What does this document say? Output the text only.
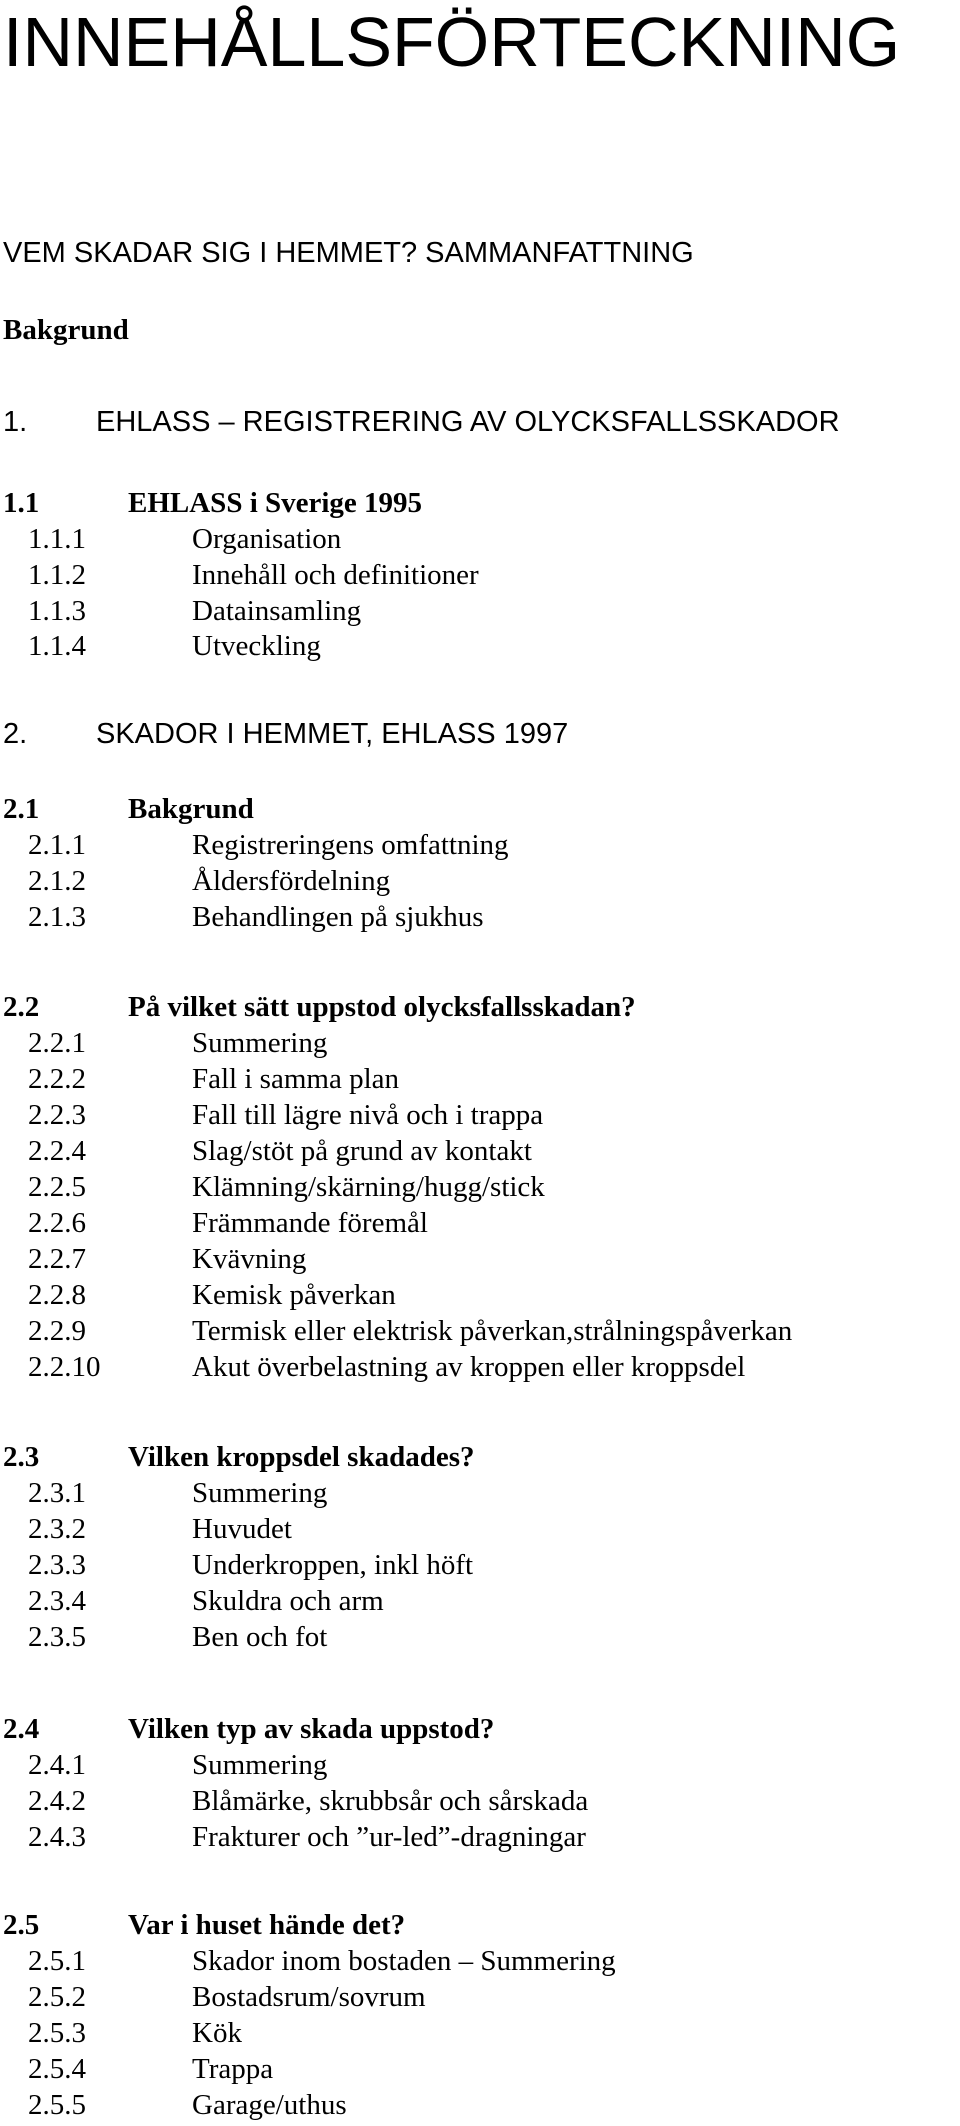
INNEHÅLLSFÖRTECKNING
VEM SKADAR SIG I HEMMET? SAMMANFATTNING
Bakgrund
1. EHLASS – REGISTRERING AV OLYCKSFALLSSKADOR
1.1	EHLASS i Sverige 1995
1.1.1	Organisation
1.1.2	Innehåll och definitioner
1.1.3	Datainsamling
1.1.4	Utveckling
2. SKADOR I HEMMET, EHLASS 1997
2.1	Bakgrund
2.1.1	Registreringens omfattning
2.1.2	Åldersfördelning
2.1.3	Behandlingen på sjukhus
2.2	På vilket sätt uppstod olycksfallsskadan?
2.2.1	Summering
2.2.2	Fall i samma plan
2.2.3	Fall till lägre nivå och i trappa
2.2.4	Slag/stöt på grund av kontakt
2.2.5	Klämning/skärning/hugg/stick
2.2.6	Främmande föremål
2.2.7	Kvävning
2.2.8	Kemisk påverkan
2.2.9	Termisk eller elektrisk påverkan,strålningspåverkan
2.2.10	Akut överbelastning av kroppen eller kroppsdel
2.3	Vilken kroppsdel skadades?
2.3.1	Summering
2.3.2	Huvudet
2.3.3	Underkroppen, inkl höft
2.3.4	Skuldra och arm
2.3.5	Ben och fot
2.4	Vilken typ av skada uppstod?
2.4.1	Summering
2.4.2	Blåmärke, skrubbsår och sårskada
2.4.3	Frakturer och ”ur-led”-dragningar
2.5	Var i huset hände det?
2.5.1	Skador inom bostaden – Summering
2.5.2	Bostadsrum/sovrum
2.5.3	Kök
2.5.4	Trappa
2.5.5	Garage/uthus
